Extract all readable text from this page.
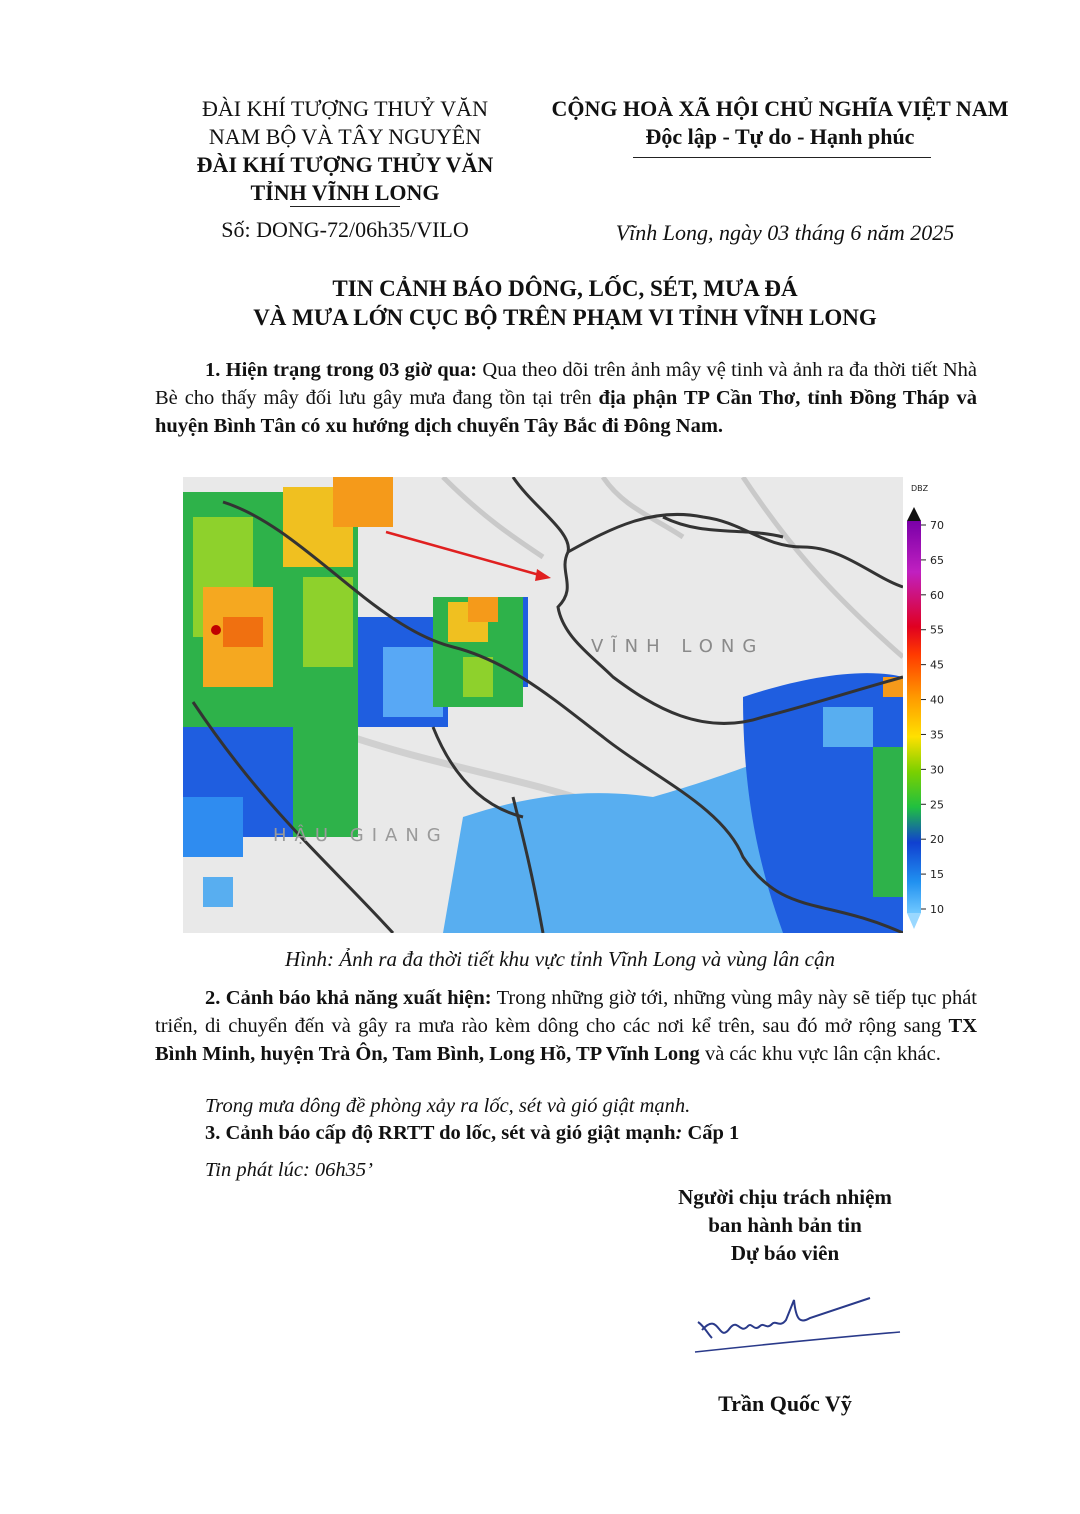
ĐÀI KHÍ TƯỢNG THUỶ VĂN
NAM BỘ VÀ TÂY NGUYÊN
ĐÀI KHÍ TƯỢNG THỦY VĂN
TỈNH VĨNH LONG
Số: DONG-72/06h35/VILO
CỘNG HOÀ XÃ HỘI CHỦ NGHĨA VIỆT NAM
Độc lập - Tự do - Hạnh phúc
Vĩnh Long, ngày 03 tháng 6 năm 2025
TIN CẢNH BÁO DÔNG, LỐC, SÉT, MƯA ĐÁ
VÀ MƯA LỚN CỤC BỘ TRÊN PHẠM VI TỈNH VĨNH LONG
1. Hiện trạng trong 03 giờ qua: Qua theo dõi trên ảnh mây vệ tinh và ảnh ra đa thời tiết Nhà Bè cho thấy mây đối lưu gây mưa đang tồn tại trên địa phận TP Cần Thơ, tỉnh Đồng Tháp và huyện Bình Tân có xu hướng dịch chuyển Tây Bắc đi Đông Nam.
VĨNH LONG
HẬU GIANG
DBZ
70
65
60
55
45
40
35
30
25
20
15
10
Hình: Ảnh ra đa thời tiết khu vực tỉnh Vĩnh Long và vùng lân cận
2. Cảnh báo khả năng xuất hiện: Trong những giờ tới, những vùng mây này sẽ tiếp tục phát triển, di chuyển đến và gây ra mưa rào kèm dông cho các nơi kể trên, sau đó mở rộng sang TX Bình Minh, huyện Trà Ôn, Tam Bình, Long Hồ, TP Vĩnh Long và các khu vực lân cận khác.
Trong mưa dông đề phòng xảy ra lốc, sét và gió giật mạnh.
3. Cảnh báo cấp độ RRTT do lốc, sét và gió giật mạnh: Cấp 1
Tin phát lúc: 06h35’
Người chịu trách nhiệm
ban hành bản tin
Dự báo viên
Trần Quốc Vỹ
